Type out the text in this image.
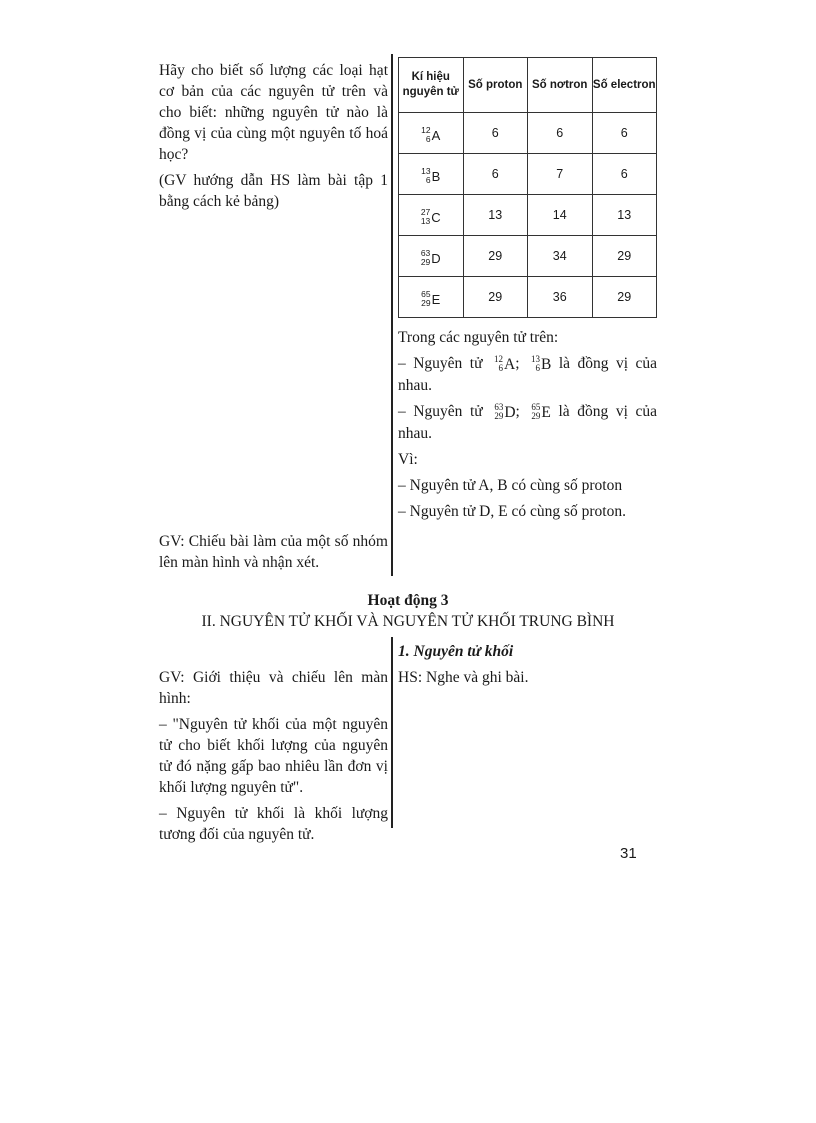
Hãy cho biết số lượng các loại hạt cơ bản của các nguyên tử trên và cho biết: những nguyên tử nào là đồng vị của cùng một nguyên tố hoá học?

(GV hướng dẫn HS làm bài tập 1 bằng cách kẻ bảng)

GV: Chiếu bài làm của một số nhóm lên màn hình và nhận xét.
Kí hiệu nguyên tử	Số proton	Số nơtron	Số electron

12
6 A	6	6	6

13
6 B	6	7	6

27
13 C	13	14	13

63
29 D	29	34	29

65
29 E	29	36	29

Trong các nguyên tử trên:

– Nguyên tử 12
6 A ; 13
6 B là đồng vị của nhau.

– Nguyên tử 63
29 D ; 65
29 E là đồng vị của nhau.

Vì:

– Nguyên tử A, B có cùng số proton

– Nguyên tử D, E có cùng số proton.

Hoạt động 3
II. NGUYÊN TỬ KHỐI VÀ NGUYÊN TỬ KHỐI TRUNG BÌNH
1. Nguyên tử khối
HS: Nghe và ghi bài.

GV: Giới thiệu và chiếu lên màn hình:

– "Nguyên tử khối của một nguyên tử cho biết khối lượng của nguyên tử đó nặng gấp bao nhiêu lần đơn vị khối lượng nguyên tử".

– Nguyên tử khối là khối lượng tương đối của nguyên tử.

31
